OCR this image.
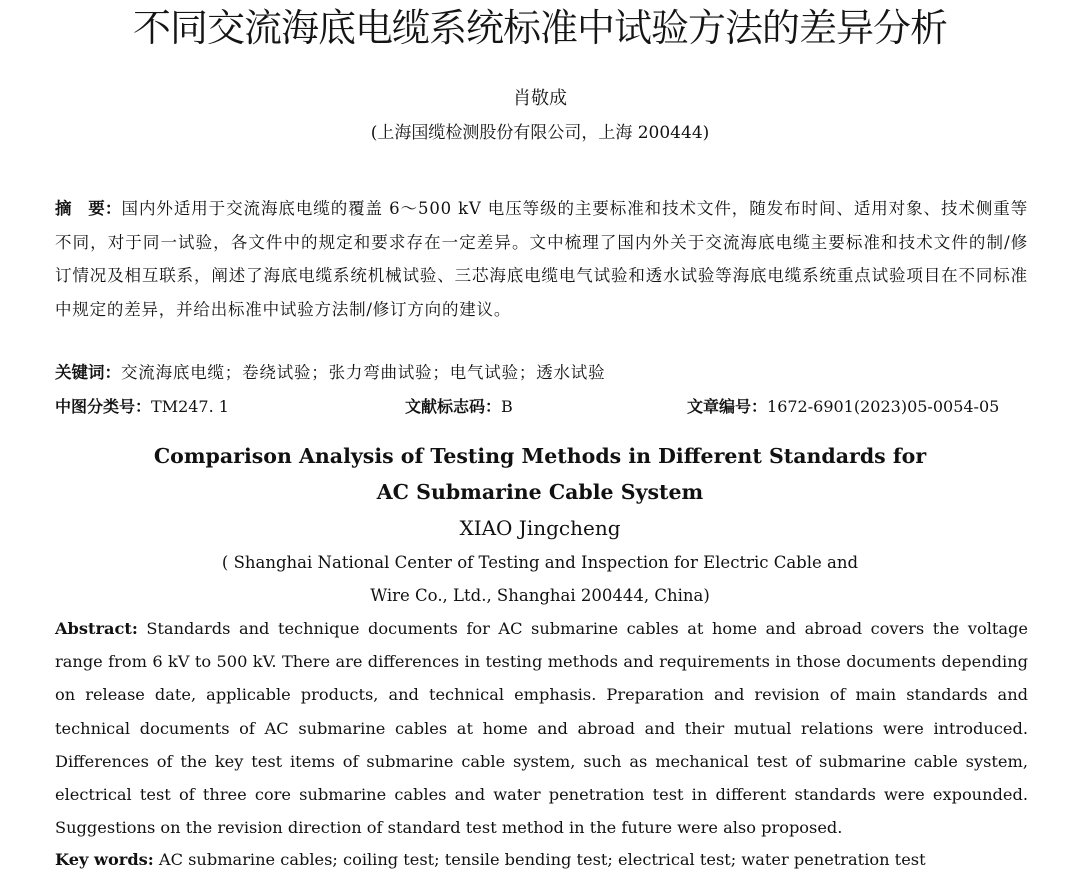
不同交流海底电缆系统标准中试验方法的差异分析
肖敬成
(上海国缆检测股份有限公司，上海 200444)
摘　要：国内外适用于交流海底电缆的覆盖 6～500 kV 电压等级的主要标准和技术文件，随发布时间、适用对象、技术侧重等不同，对于同一试验，各文件中的规定和要求存在一定差异。文中梳理了国内外关于交流海底电缆主要标准和技术文件的制/修订情况及相互联系，阐述了海底电缆系统机械试验、三芯海底电缆电气试验和透水试验等海底电缆系统重点试验项目在不同标准中规定的差异，并给出标准中试验方法制/修订方向的建议。
关键词：交流海底电缆；卷绕试验；张力弯曲试验；电气试验；透水试验
中图分类号：TM247. 1	文献标志码：B	文章编号：1672-6901(2023)05-0054-05
Comparison Analysis of Testing Methods in Different Standards for
AC Submarine Cable System
XIAO Jingcheng
( Shanghai National Center of Testing and Inspection for Electric Cable and
Wire Co., Ltd., Shanghai 200444, China)
Abstract: Standards and technique documents for AC submarine cables at home and abroad covers the voltage range from 6 kV to 500 kV. There are differences in testing methods and requirements in those documents depending on release date, applicable products, and technical emphasis. Preparation and revision of main standards and technical documents of AC submarine cables at home and abroad and their mutual relations were introduced. Differences of the key test items of submarine cable system, such as mechanical test of submarine cable system, electrical test of three core submarine cables and water penetration test in different standards were expounded. Suggestions on the revision direction of standard test method in the future were also proposed.
Key words: AC submarine cables; coiling test; tensile bending test; electrical test; water penetration test
